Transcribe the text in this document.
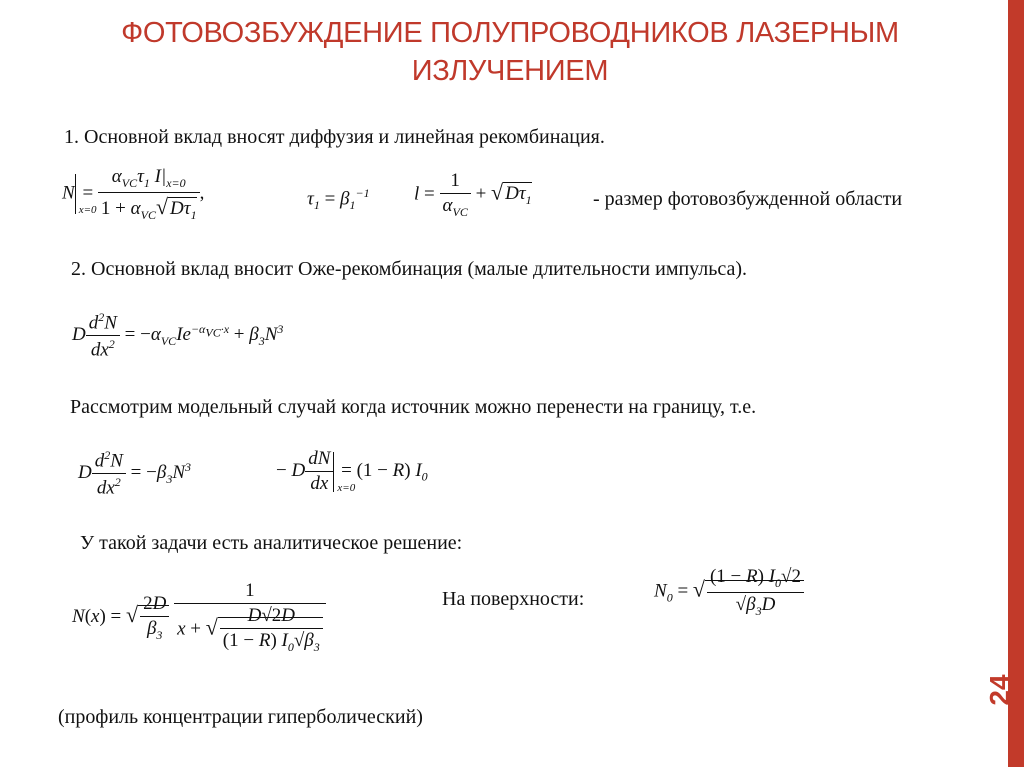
24
ФОТОВОЗБУЖДЕНИЕ ПОЛУПРОВОДНИКОВ ЛАЗЕРНЫМ
ИЗЛУЧЕНИЕМ
1. Основной вклад вносят диффузия и линейная рекомбинация.
N
x=0
= $\frac{\alpha_{VC}\tau_1 I|_{x=0}}{1 + \alpha_{VC}√ D\tau_1}$ ,	$\tau_1 = \beta_1^{-1}$ $l = \frac{1}{\alpha_{VC}}$ + √ $D\tau_1$	- размер фотовозбужденной области
2. Основной вклад вносит Оже-рекомбинация (малые длительности импульса).
D $\frac{d^2N}{dx^2} = -\alpha_{VC}Ie^{-\alpha_{VC}\cdot x} + \beta_3N^3$
Рассмотрим модельный случай когда источник можно перенести на границу, т.е.
D $\frac{d^2N}{dx^2} = -\beta_3N^3$	− D $\frac{dN}{dx} x=0$
= (1 − R) $I_0$
У такой задачи есть аналитическое решение:
N(x) = √ $\frac{2D}{\beta_3}$
$\frac{1}{x + √ \frac{D√2D}{(1 - R) I_0√\beta_3}}$	На поверхности:	$N_0$ = √ $\frac{(1 - R) I_0√2}{√\beta_3D}$
(профиль концентрации гиперболический)
